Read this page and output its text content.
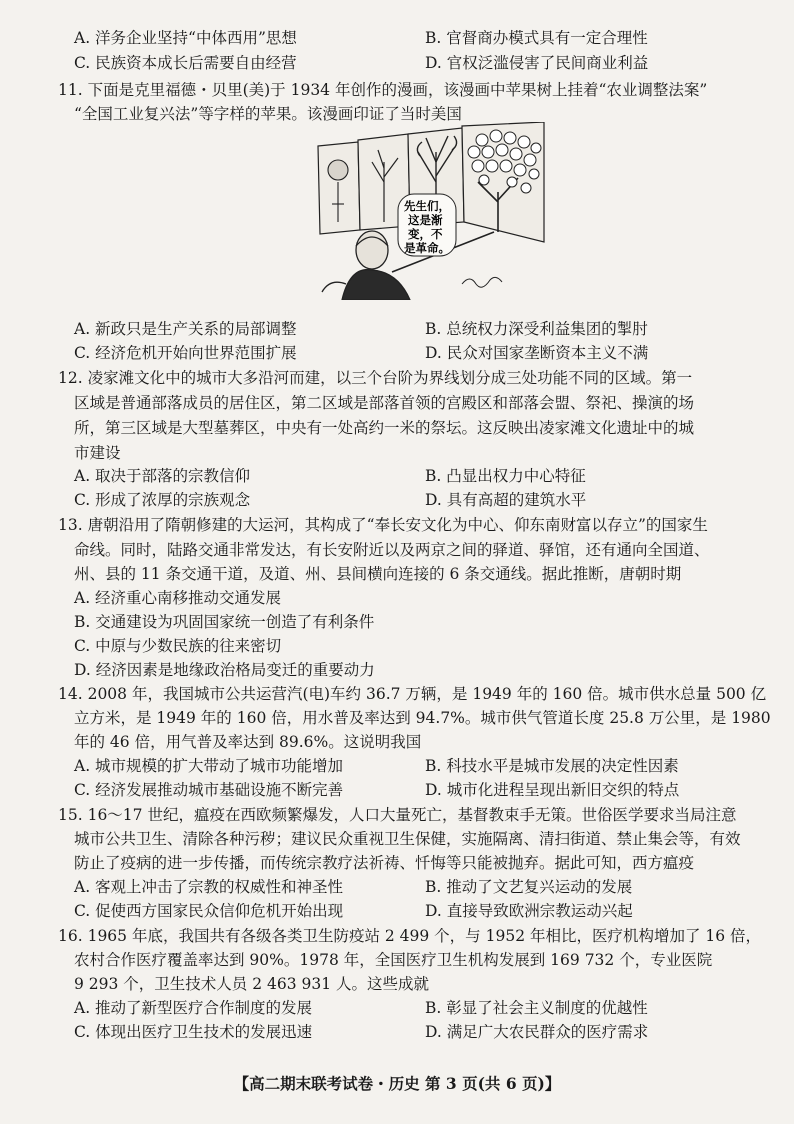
A. 洋务企业坚持“中体西用”思想	B. 官督商办模式具有一定合理性
C. 民族资本成长后需要自由经营	D. 官权泛滥侵害了民间商业利益
11. 下面是克里福德・贝里(美)于 1934 年创作的漫画，该漫画中苹果树上挂着“农业调整法案”
“全国工业复兴法”等字样的苹果。该漫画印证了当时美国
先生们，
这是渐
变，不
是革命。
A. 新政只是生产关系的局部调整	B. 总统权力深受利益集团的掣肘
C. 经济危机开始向世界范围扩展	D. 民众对国家垄断资本主义不满
12. 凌家滩文化中的城市大多沿河而建，以三个台阶为界线划分成三处功能不同的区域。第一
区域是普通部落成员的居住区，第二区域是部落首领的宫殿区和部落会盟、祭祀、操演的场
所，第三区域是大型墓葬区，中央有一处高约一米的祭坛。这反映出凌家滩文化遗址中的城
市建设
A. 取决于部落的宗教信仰	B. 凸显出权力中心特征
C. 形成了浓厚的宗族观念	D. 具有高超的建筑水平
13. 唐朝沿用了隋朝修建的大运河，其构成了“奉长安文化为中心、仰东南财富以存立”的国家生
命线。同时，陆路交通非常发达，有长安附近以及两京之间的驿道、驿馆，还有通向全国道、
州、县的 11 条交通干道，及道、州、县间横向连接的 6 条交通线。据此推断，唐朝时期
A. 经济重心南移推动交通发展
B. 交通建设为巩固国家统一创造了有利条件
C. 中原与少数民族的往来密切
D. 经济因素是地缘政治格局变迁的重要动力
14. 2008 年，我国城市公共运营汽(电)车约 36.7 万辆，是 1949 年的 160 倍。城市供水总量 500 亿
立方米，是 1949 年的 160 倍，用水普及率达到 94.7%。城市供气管道长度 25.8 万公里，是 1980
年的 46 倍，用气普及率达到 89.6%。这说明我国
A. 城市规模的扩大带动了城市功能增加	B. 科技水平是城市发展的决定性因素
C. 经济发展推动城市基础设施不断完善	D. 城市化进程呈现出新旧交织的特点
15. 16～17 世纪，瘟疫在西欧频繁爆发，人口大量死亡，基督教束手无策。世俗医学要求当局注意
城市公共卫生、清除各种污秽；建议民众重视卫生保健，实施隔离、清扫街道、禁止集会等，有效
防止了疫病的进一步传播，而传统宗教疗法祈祷、忏悔等只能被抛弃。据此可知，西方瘟疫
A. 客观上冲击了宗教的权威性和神圣性	B. 推动了文艺复兴运动的发展
C. 促使西方国家民众信仰危机开始出现	D. 直接导致欧洲宗教运动兴起
16. 1965 年底，我国共有各级各类卫生防疫站 2 499 个，与 1952 年相比，医疗机构增加了 16 倍，
农村合作医疗覆盖率达到 90%。1978 年，全国医疗卫生机构发展到 169 732 个，专业医院
9 293 个，卫生技术人员 2 463 931 人。这些成就
A. 推动了新型医疗合作制度的发展	B. 彰显了社会主义制度的优越性
C. 体现出医疗卫生技术的发展迅速	D. 满足广大农民群众的医疗需求
【高二期末联考试卷・历史 第 3 页(共 6 页)】
